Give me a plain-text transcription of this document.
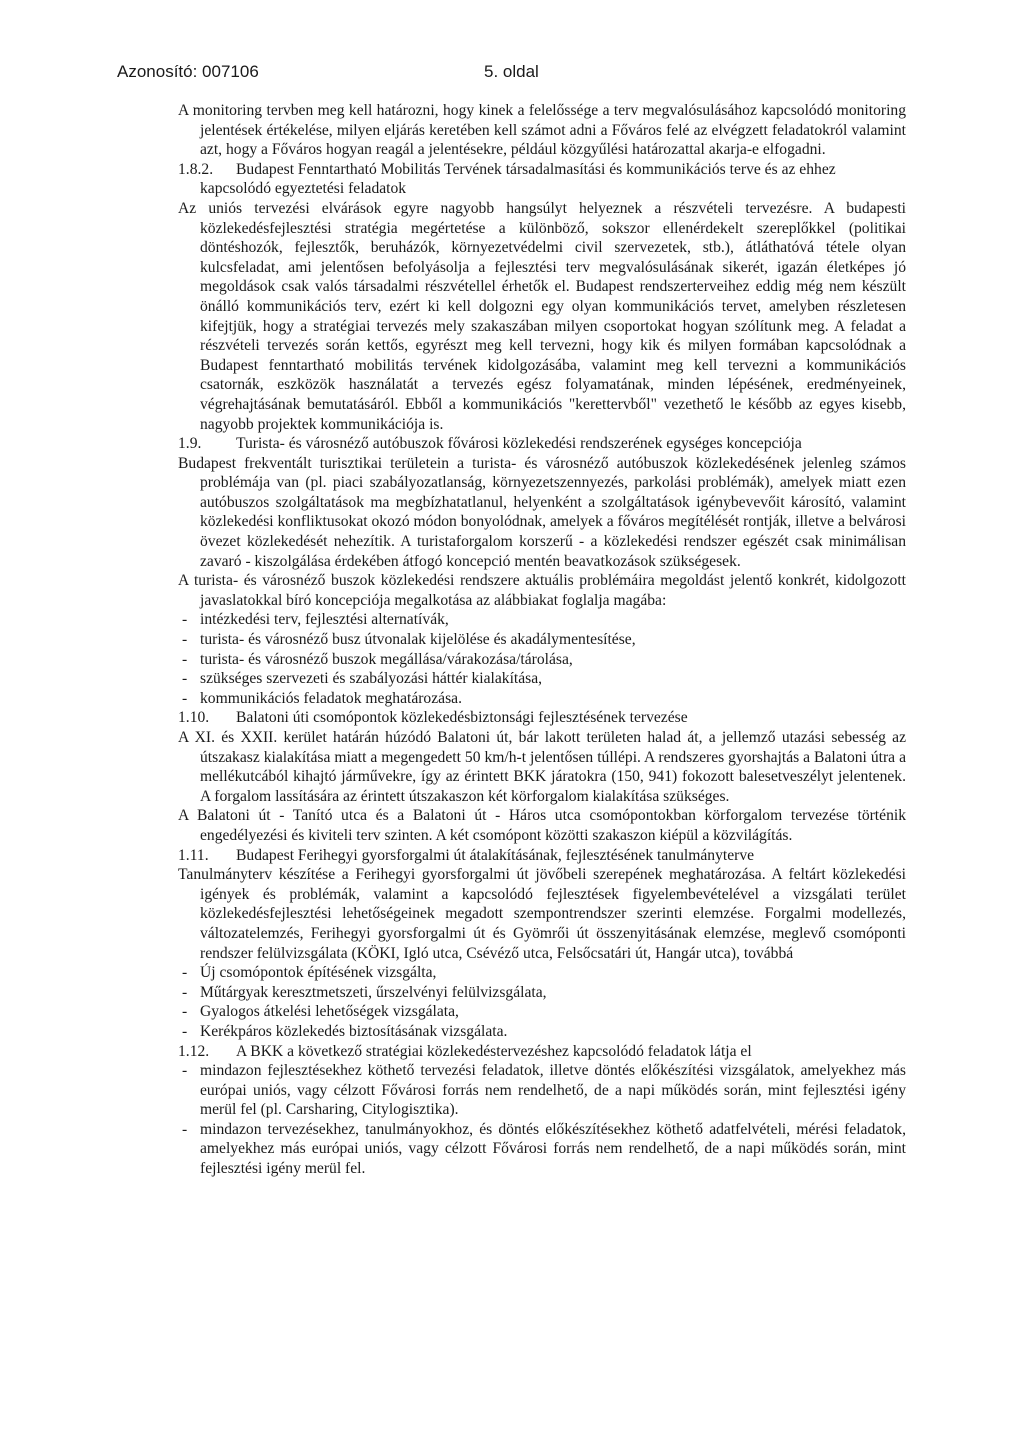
Azonosító: 007106	5. oldal

A monitoring tervben meg kell határozni, hogy kinek a felelőssége a terv megvalósulásához kapcsolódó monitoring jelentések értékelése, milyen eljárás keretében kell számot adni a Főváros felé az elvégzett feladatokról valamint azt, hogy a Főváros hogyan reagál a jelentésekre, például közgyűlési határozattal akarja-e elfogadni.

1.8.2. Budapest Fenntartható Mobilitás Tervének társadalmasítási és kommunikációs terve és az ehhez kapcsolódó egyeztetési feladatok

Az uniós tervezési elvárások egyre nagyobb hangsúlyt helyeznek a részvételi tervezésre. A budapesti közlekedésfejlesztési stratégia megértetése a különböző, sokszor ellenérdekelt szereplőkkel (politikai döntéshozók, fejlesztők, beruházók, környezetvédelmi civil szervezetek, stb.), átláthatóvá tétele olyan kulcsfeladat, ami jelentősen befolyásolja a fejlesztési terv megvalósulásának sikerét, igazán életképes jó megoldások csak valós társadalmi részvétellel érhetők el. Budapest rendszerterveihez eddig még nem készült önálló kommunikációs terv, ezért ki kell dolgozni egy olyan kommunikációs tervet, amelyben részletesen kifejtjük, hogy a stratégiai tervezés mely szakaszában milyen csoportokat hogyan szólítunk meg. A feladat a részvételi tervezés során kettős, egyrészt meg kell tervezni, hogy kik és milyen formában kapcsolódnak a Budapest fenntartható mobilitás tervének kidolgozásába, valamint meg kell tervezni a kommunikációs csatornák, eszközök használatát a tervezés egész folyamatának, minden lépésének, eredményeinek, végrehajtásának bemutatásáról. Ebből a kommunikációs "kerettervből" vezethető le később az egyes kisebb, nagyobb projektek kommunikációja is.

1.9. Turista- és városnéző autóbuszok fővárosi közlekedési rendszerének egységes koncepciója

Budapest frekventált turisztikai területein a turista- és városnéző autóbuszok közlekedésének jelenleg számos problémája van (pl. piaci szabályozatlanság, környezetszennyezés, parkolási problémák), amelyek miatt ezen autóbuszos szolgáltatások ma megbízhatatlanul, helyenként a szolgáltatások igénybevevőit károsító, valamint közlekedési konfliktusokat okozó módon bonyolódnak, amelyek a főváros megítélését rontják, illetve a belvárosi övezet közlekedését nehezítik. A turistaforgalom korszerű - a közlekedési rendszer egészét csak minimálisan zavaró - kiszolgálása érdekében átfogó koncepció mentén beavatkozások szükségesek.

A turista- és városnéző buszok közlekedési rendszere aktuális problémáira megoldást jelentő konkrét, kidolgozott javaslatokkal bíró koncepciója megalkotása az alábbiakat foglalja magába:

- intézkedési terv, fejlesztési alternatívák,
- turista- és városnéző busz útvonalak kijelölése és akadálymentesítése,
- turista- és városnéző buszok megállása/várakozása/tárolása,
- szükséges szervezeti és szabályozási háttér kialakítása,
- kommunikációs feladatok meghatározása.

1.10. Balatoni úti csomópontok közlekedésbiztonsági fejlesztésének tervezése

A XI. és XXII. kerület határán húzódó Balatoni út, bár lakott területen halad át, a jellemző utazási sebesség az útszakasz kialakítása miatt a megengedett 50 km/h-t jelentősen túllépi. A rendszeres gyorshajtás a Balatoni útra a mellékutcából kihajtó járművekre, így az érintett BKK járatokra (150, 941) fokozott balesetveszélyt jelentenek. A forgalom lassítására az érintett útszakaszon két körforgalom kialakítása szükséges.

A Balatoni út - Tanító utca és a Balatoni út - Háros utca csomópontokban körforgalom tervezése történik engedélyezési és kiviteli terv szinten. A két csomópont közötti szakaszon kiépül a közvilágítás.

1.11. Budapest Ferihegyi gyorsforgalmi út átalakításának, fejlesztésének tanulmányterve

Tanulmányterv készítése a Ferihegyi gyorsforgalmi út jövőbeli szerepének meghatározása. A feltárt közlekedési igények és problémák, valamint a kapcsolódó fejlesztések figyelembevételével a vizsgálati terület közlekedésfejlesztési lehetőségeinek megadott szempontrendszer szerinti elemzése. Forgalmi modellezés, változatelemzés, Ferihegyi gyorsforgalmi út és Gyömrői út összenyitásának elemzése, meglevő csomóponti rendszer felülvizsgálata (KÖKI, Igló utca, Csévéző utca, Felsőcsatári út, Hangár utca), továbbá

- Új csomópontok építésének vizsgálta,
- Műtárgyak keresztmetszeti, űrszelvényi felülvizsgálata,
- Gyalogos átkelési lehetőségek vizsgálata,
- Kerékpáros közlekedés biztosításának vizsgálata.

1.12. A BKK a következő stratégiai közlekedéstervezéshez kapcsolódó feladatok látja el

- mindazon fejlesztésekhez köthető tervezési feladatok, illetve döntés előkészítési vizsgálatok, amelyekhez más európai uniós, vagy célzott Fővárosi forrás nem rendelhető, de a napi működés során, mint fejlesztési igény merül fel (pl. Carsharing, Citylogisztika).
- mindazon tervezésekhez, tanulmányokhoz, és döntés előkészítésekhez köthető adatfelvételi, mérési feladatok, amelyekhez más európai uniós, vagy célzott Fővárosi forrás nem rendelhető, de a napi működés során, mint fejlesztési igény merül fel.
